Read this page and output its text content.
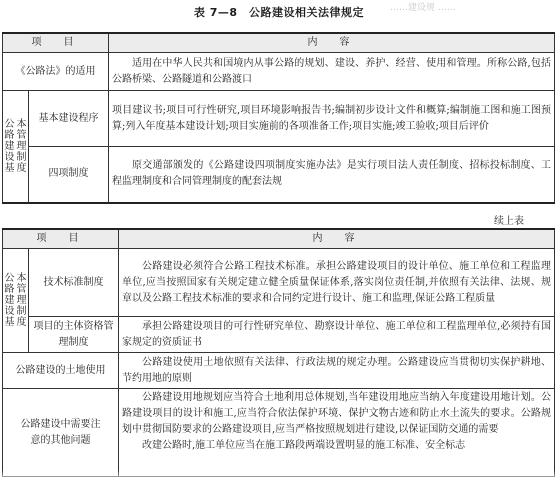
……建设规 ……
表 7—8　公路建设相关法律规定
项　目		内　容
《公路法》的适用		适用在中华人民共和国境内从事公路的规划、建设、养护、经营、使用和管理。所称公路,包括公路桥梁、公路隧道和公路渡口

公路建设基
本管理制度	基本建设程序	项目建议书;项目可行性研究,项目环境影响报告书;编制初步设计文件和概算;编制施工图和施工图预算;列入年度基本建设计划;项目实施前的各项准备工作;项目实施;竣工验收;项目后评价
	四项制度	原交通部颁发的《公路建设四项制度实施办法》是实行项目法人责任制度、招标投标制度、工程监理制度和合同管理制度的配套法规
续上表
项　目		内　容

公路建设基
本管理制度	技术标准制度	公路建设必须符合公路工程技术标准。承担公路建设项目的设计单位、施工单位和工程监理单位,应当按照国家有关规定建立健全质量保证体系,落实岗位责任制,并依照有关法律、法规、规章以及公路工程技术标准的要求和合同约定进行设计、施工和监理,保证公路工程质量
	项目的主体资格管理制度	承担公路建设项目的可行性研究单位、勘察设计单位、施工单位和工程监理单位,必须持有国家规定的资质证书
公路建设的土地使用		公路建设使用土地依照有关法律、行政法规的规定办理。公路建设应当贯彻切实保护耕地、节约用地的原则
公路建设中需要注意的其他问题		公路建设用地规划应当符合土地利用总体规划,当年建设用地应当纳入年度建设用地计划。公路建设项目的设计和施工,应当符合依法保护环境、保护文物古迹和防止水土流失的要求。公路规划中贯彻国防要求的公路建设项目,应当严格按照规划进行建设,以保证国防交通的需要
改建公路时,施工单位应当在施工路段两端设置明显的施工标准、安全标志
